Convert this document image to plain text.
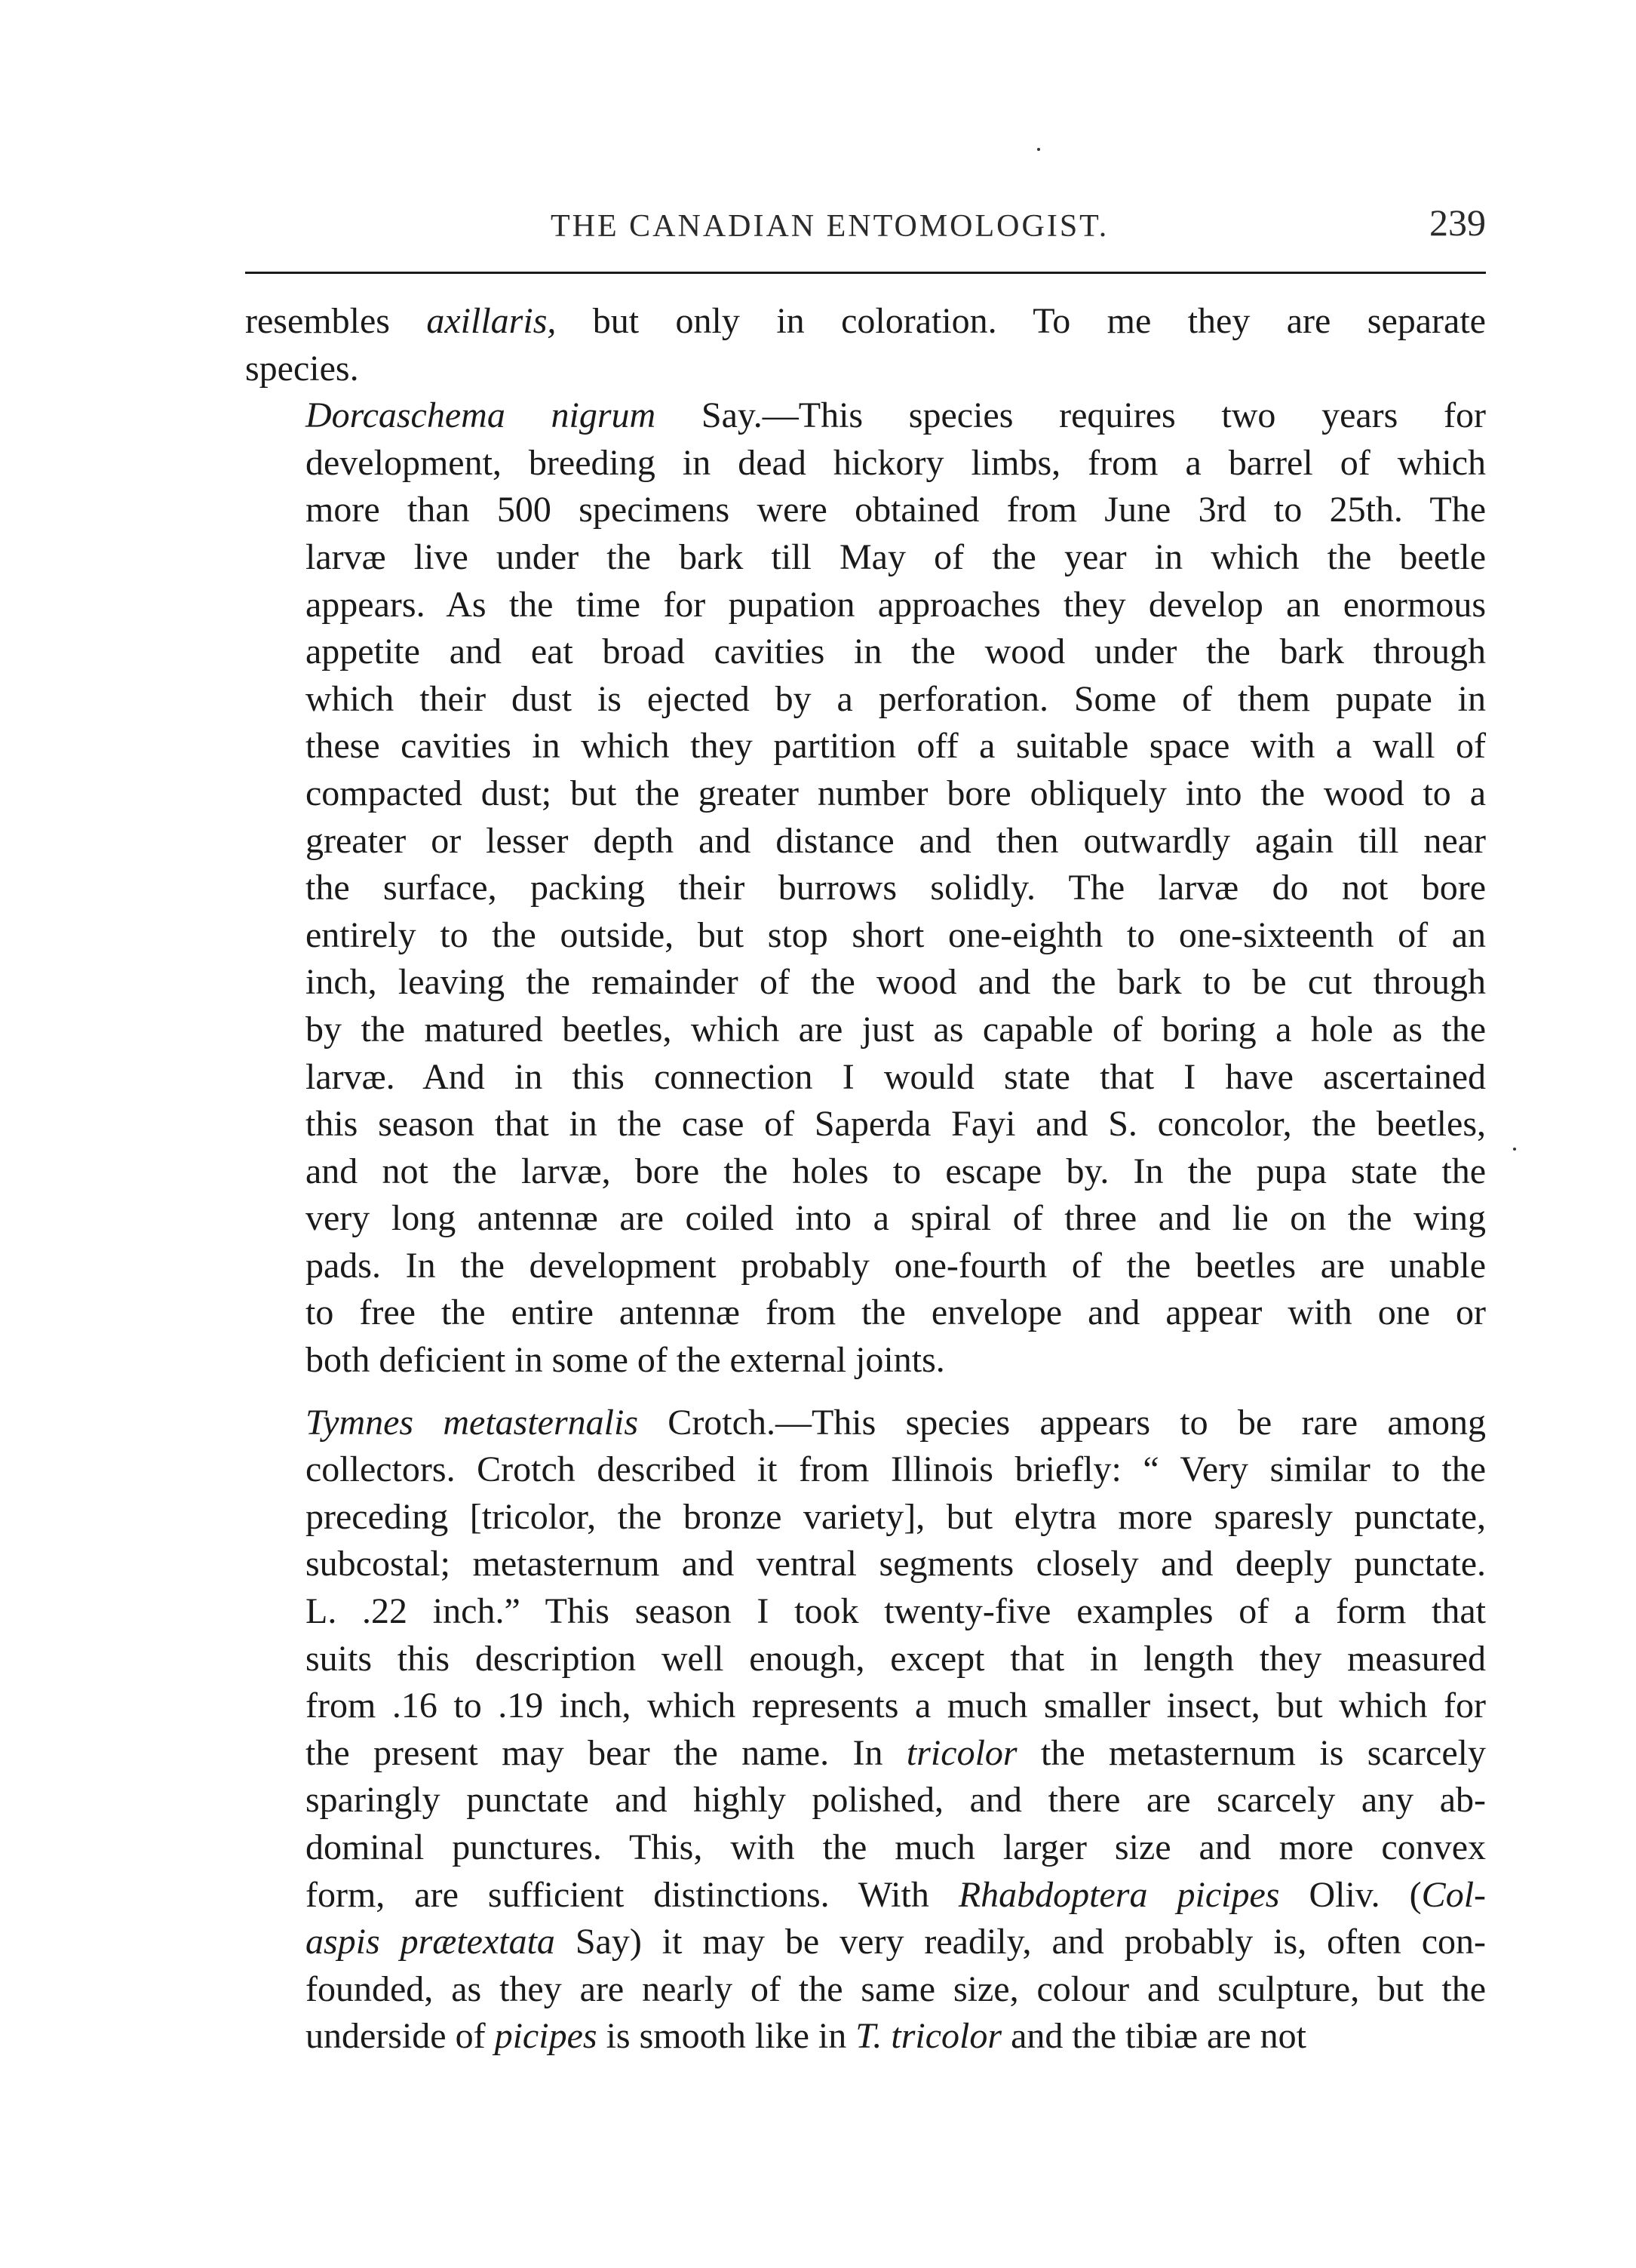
THE CANADIAN ENTOMOLOGIST.	239

resembles axillaris, but only in coloration. To me they are separate
species.

Dorcaschema nigrum Say.—This species requires two years for
development, breeding in dead hickory limbs, from a barrel of which
more than 500 specimens were obtained from June 3rd to 25th. The
larvæ live under the bark till May of the year in which the beetle
appears. As the time for pupation approaches they develop an enormous
appetite and eat broad cavities in the wood under the bark through
which their dust is ejected by a perforation. Some of them pupate in
these cavities in which they partition off a suitable space with a wall of
compacted dust; but the greater number bore obliquely into the wood to a
greater or lesser depth and distance and then outwardly again till near
the surface, packing their burrows solidly. The larvæ do not bore
entirely to the outside, but stop short one-eighth to one-sixteenth of an
inch, leaving the remainder of the wood and the bark to be cut through
by the matured beetles, which are just as capable of boring a hole as the
larvæ. And in this connection I would state that I have ascertained
this season that in the case of Saperda Fayi and S. concolor, the beetles,
and not the larvæ, bore the holes to escape by. In the pupa state the
very long antennæ are coiled into a spiral of three and lie on the wing
pads. In the development probably one-fourth of the beetles are unable
to free the entire antennæ from the envelope and appear with one or
both deficient in some of the external joints.

Tymnes metasternalis Crotch.—This species appears to be rare among
collectors. Crotch described it from Illinois briefly: “ Very similar to the
preceding [tricolor, the bronze variety], but elytra more sparesly punctate,
subcostal; metasternum and ventral segments closely and deeply punctate.
L. .22 inch.” This season I took twenty-five examples of a form that
suits this description well enough, except that in length they measured
from .16 to .19 inch, which represents a much smaller insect, but which for
the present may bear the name. In tricolor the metasternum is scarcely
sparingly punctate and highly polished, and there are scarcely any ab-
dominal punctures. This, with the much larger size and more convex
form, are sufficient distinctions. With Rhabdoptera picipes Oliv. (Col-
aspis prætextata Say) it may be very readily, and probably is, often con-
founded, as they are nearly of the same size, colour and sculpture, but the
underside of picipes is smooth like in T. tricolor and the tibiæ are not
